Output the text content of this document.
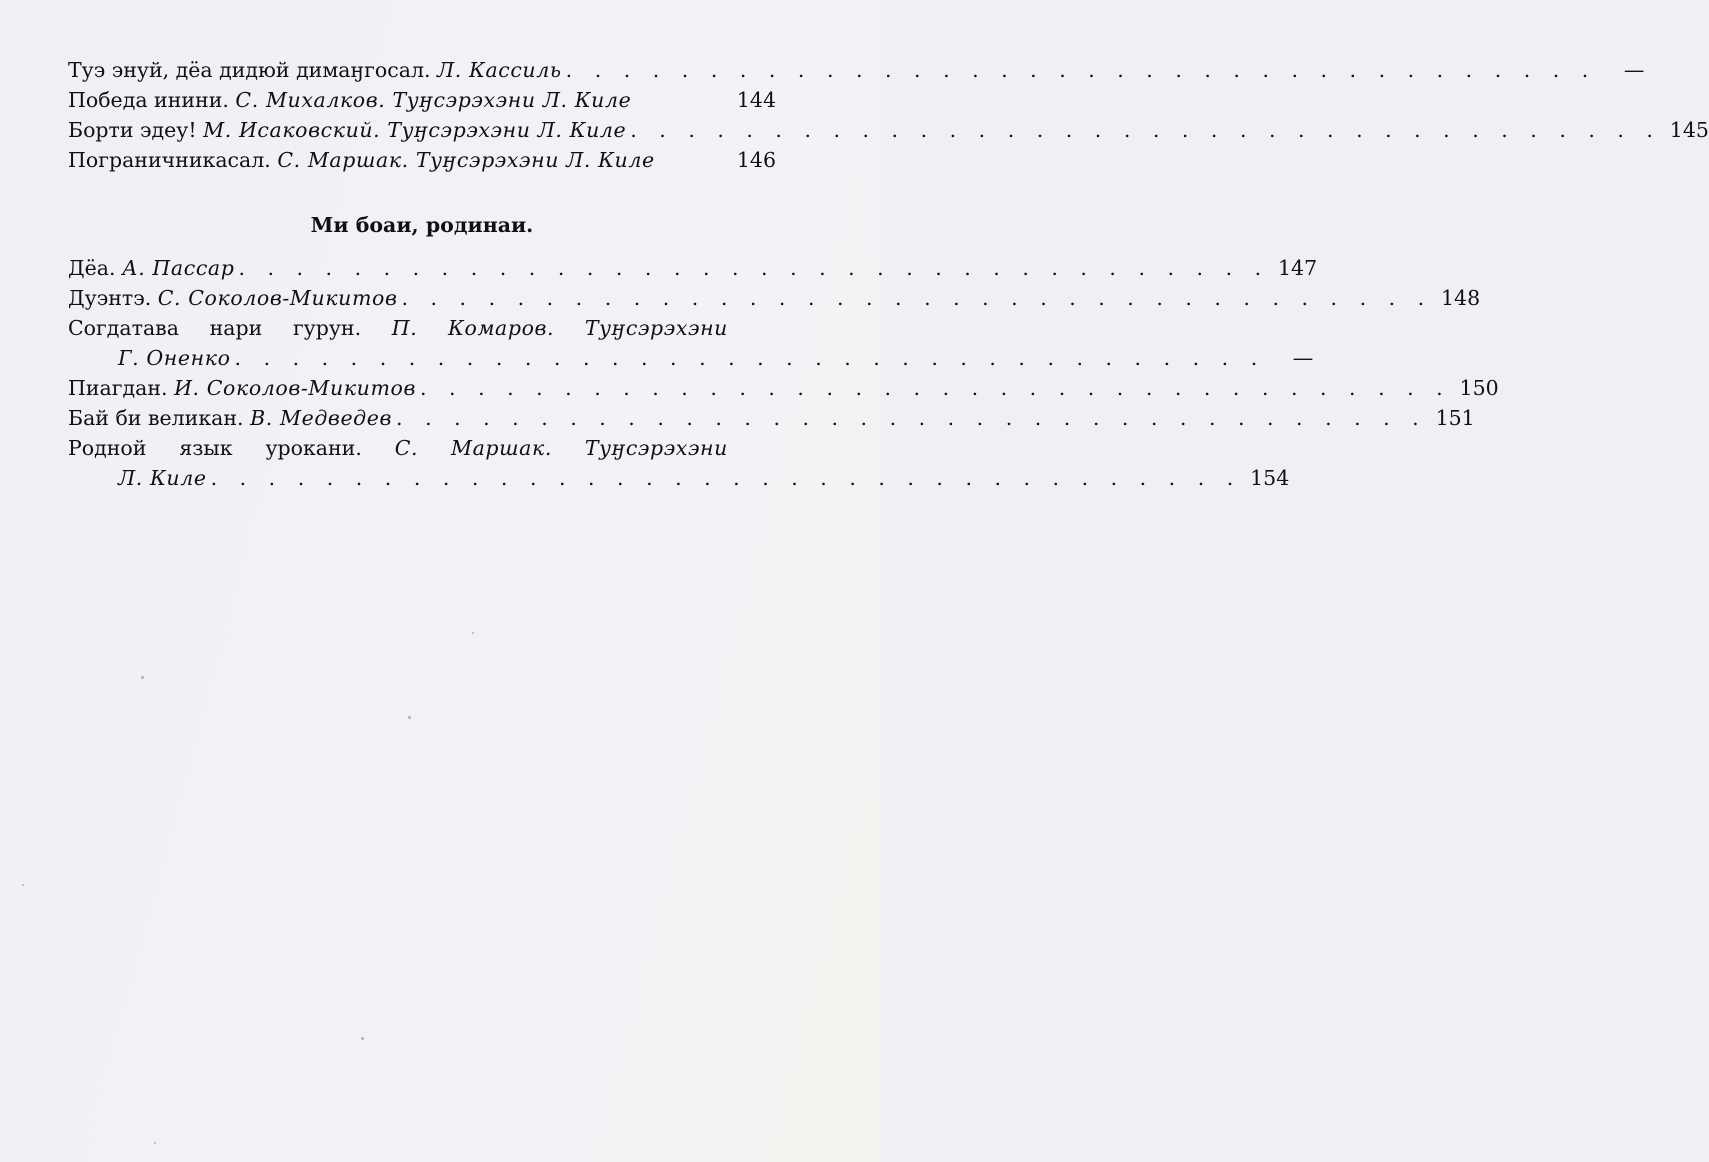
Туэ энуй, дёа дидюй димаӈгосал. Л. Кассиль . . . . . . . . . . . . . . . . . . . . . . . . . . . . . . . . . . . .	—
Победа инини. С. Михалков. Туӈсэрэхэни Л. Киле	144
Борти эдеу! М. Исаковский. Туӈсэрэхэни Л. Киле . . . . . . . . . . . . . . . . . . . . . . . . . . . . . . . . . . . . 145
Пограничникасал. С. Маршак. Туӈсэрэхэни Л. Киле	146
Ми боаи, родинаи.
Дёа. А. Пассар . . . . . . . . . . . . . . . . . . . . . . . . . . . . . . . . . . . . 147
Дуэнтэ. С. Соколов-Микитов . . . . . . . . . . . . . . . . . . . . . . . . . . . . . . . . . . . . 148
Согдатава нари гурун. П. Комаров. Туӈсэрэхэни
Г. Оненко . . . . . . . . . . . . . . . . . . . . . . . . . . . . . . . . . . . .	—
Пиагдан. И. Соколов-Микитов . . . . . . . . . . . . . . . . . . . . . . . . . . . . . . . . . . . . 150
Бай би великан. В. Медведев . . . . . . . . . . . . . . . . . . . . . . . . . . . . . . . . . . . . 151
Родной язык урокани. С. Маршак. Туӈсэрэхэни
Л. Киле . . . . . . . . . . . . . . . . . . . . . . . . . . . . . . . . . . . . 154
